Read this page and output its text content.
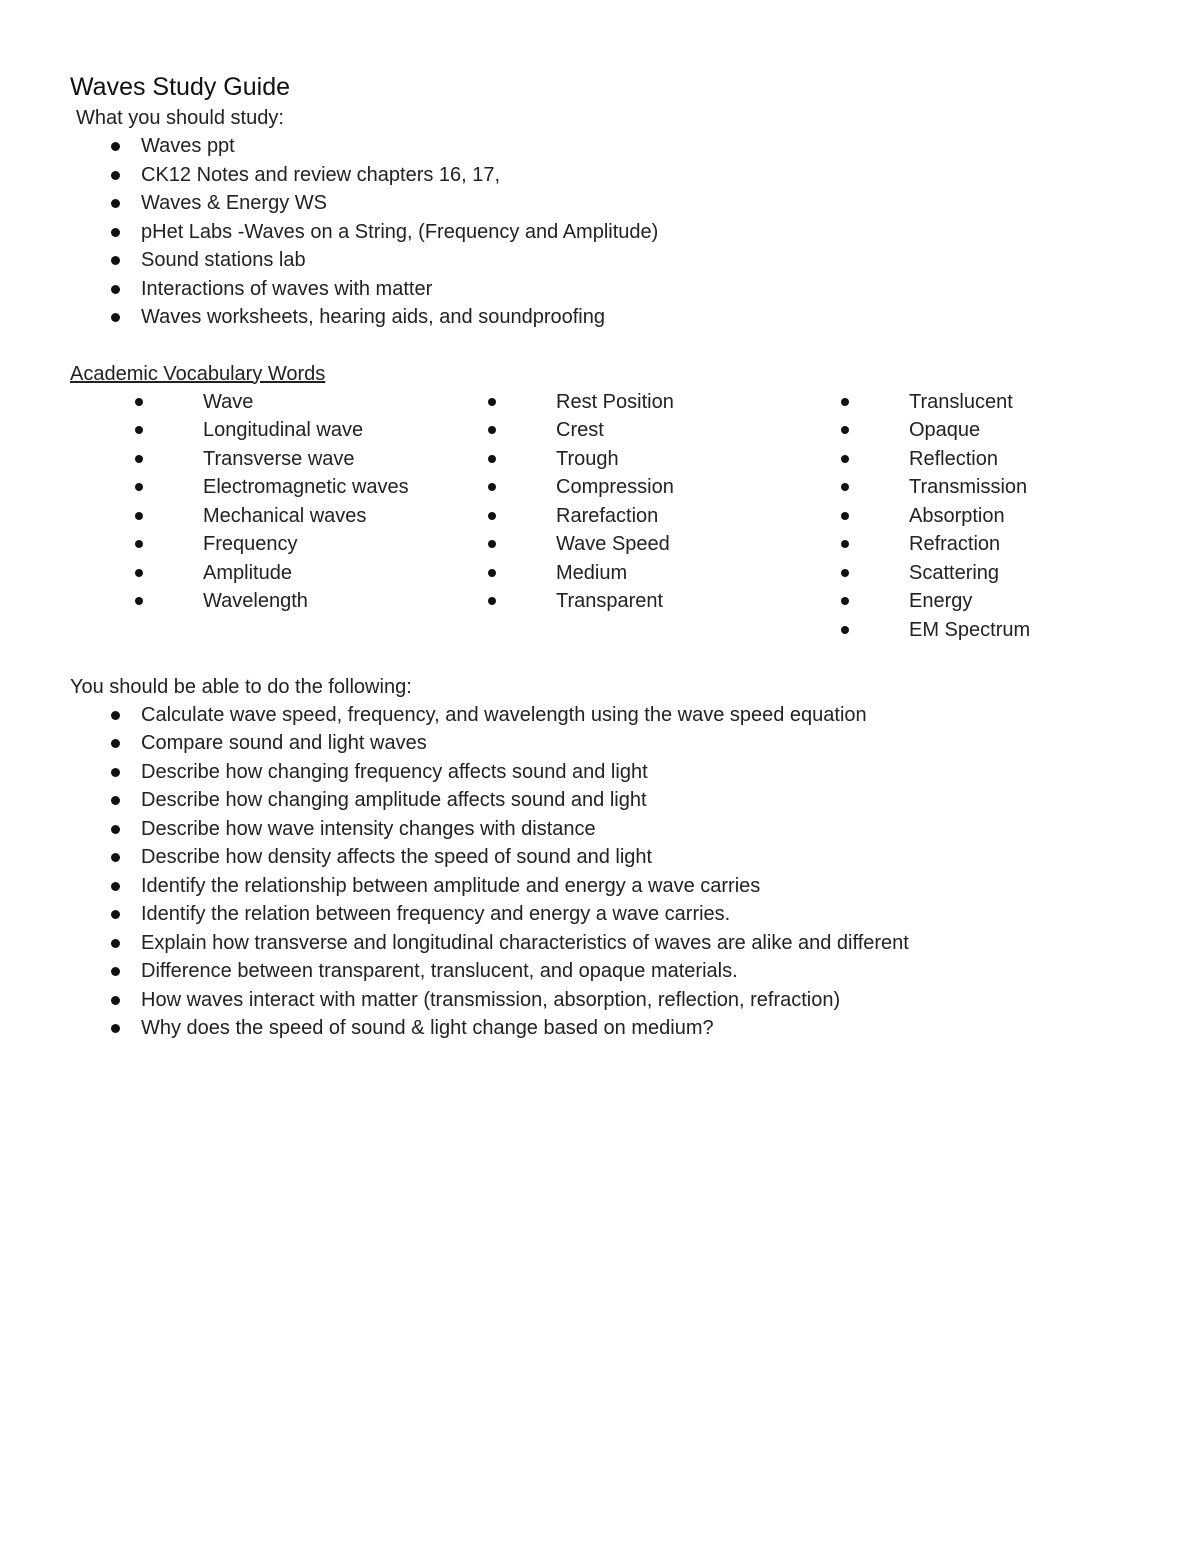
Waves Study Guide

What you should study:

Waves ppt
CK12 Notes and review chapters 16, 17,
Waves & Energy WS
pHet Labs -Waves on a String, (Frequency and Amplitude)
Sound stations lab
Interactions of waves with matter
Waves worksheets, hearing aids, and soundproofing

Academic Vocabulary Words

Wave
Longitudinal wave
Transverse wave
Electromagnetic waves
Mechanical waves
Frequency
Amplitude
Wavelength
Rest Position
Crest
Trough
Compression
Rarefaction
Wave Speed
Medium
Transparent
Translucent
Opaque
Reflection
Transmission
Absorption
Refraction
Scattering
Energy
EM Spectrum

You should be able to do the following:

Calculate wave speed, frequency, and wavelength using the wave speed equation
Compare sound and light waves
Describe how changing frequency affects sound and light
Describe how changing amplitude affects sound and light
Describe how wave intensity changes with distance
Describe how density affects the speed of sound and light
Identify the relationship between amplitude and energy a wave carries
Identify the relation between frequency and energy a wave carries.
Explain how transverse and longitudinal characteristics of waves are alike and different
Difference between transparent, translucent, and opaque materials.
How waves interact with matter (transmission, absorption, reflection, refraction)
Why does the speed of sound & light change based on medium?
